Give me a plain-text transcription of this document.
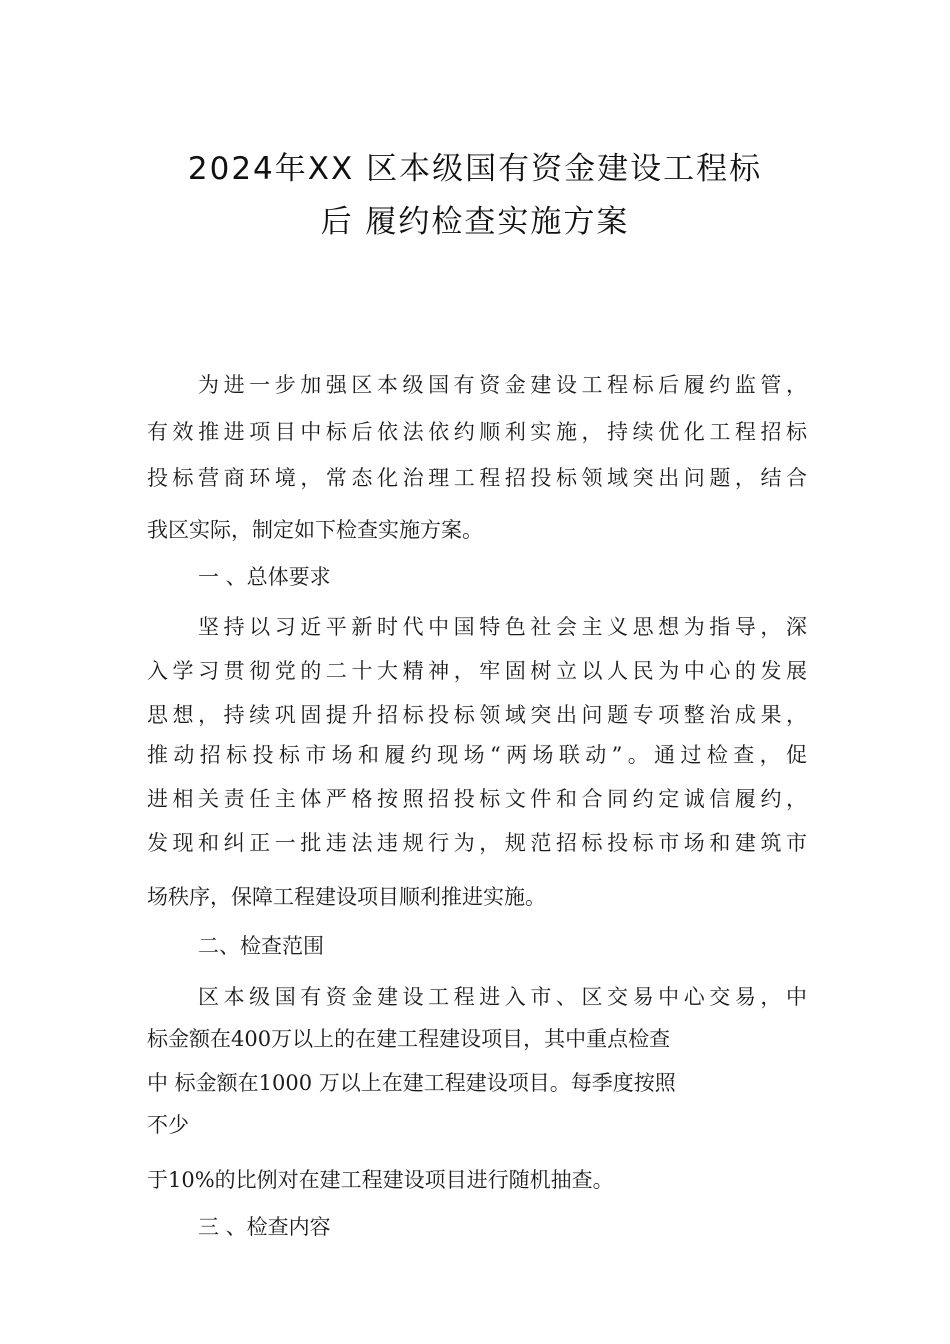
2024年XX 区本级国有资金建设工程标
后 履约检查实施方案
为进一步加强区本级国有资金建设工程标后履约监管，
有效推进项目中标后依法依约顺利实施，持续优化工程招标
投标营商环境，常态化治理工程招投标领域突出问题，结合
我区实际，制定如下检查实施方案。
一 、总体要求
坚持以习近平新时代中国特色社会主义思想为指导，深
入学习贯彻党的二十大精神，牢固树立以人民为中心的发展
思想，持续巩固提升招标投标领域突出问题专项整治成果，
推动招标投标市场和履约现场“两场联动”。通过检查，促
进相关责任主体严格按照招投标文件和合同约定诚信履约，
发现和纠正一批违法违规行为，规范招标投标市场和建筑市
场秩序，保障工程建设项目顺利推进实施。
二、检查范围
区本级国有资金建设工程进入市、区交易中心交易，中
标金额在400万以上的在建工程建设项目，其中重点检查
中 标金额在1000 万以上在建工程建设项目。每季度按照
不少
于10%的比例对在建工程建设项目进行随机抽查。
三 、检查内容
